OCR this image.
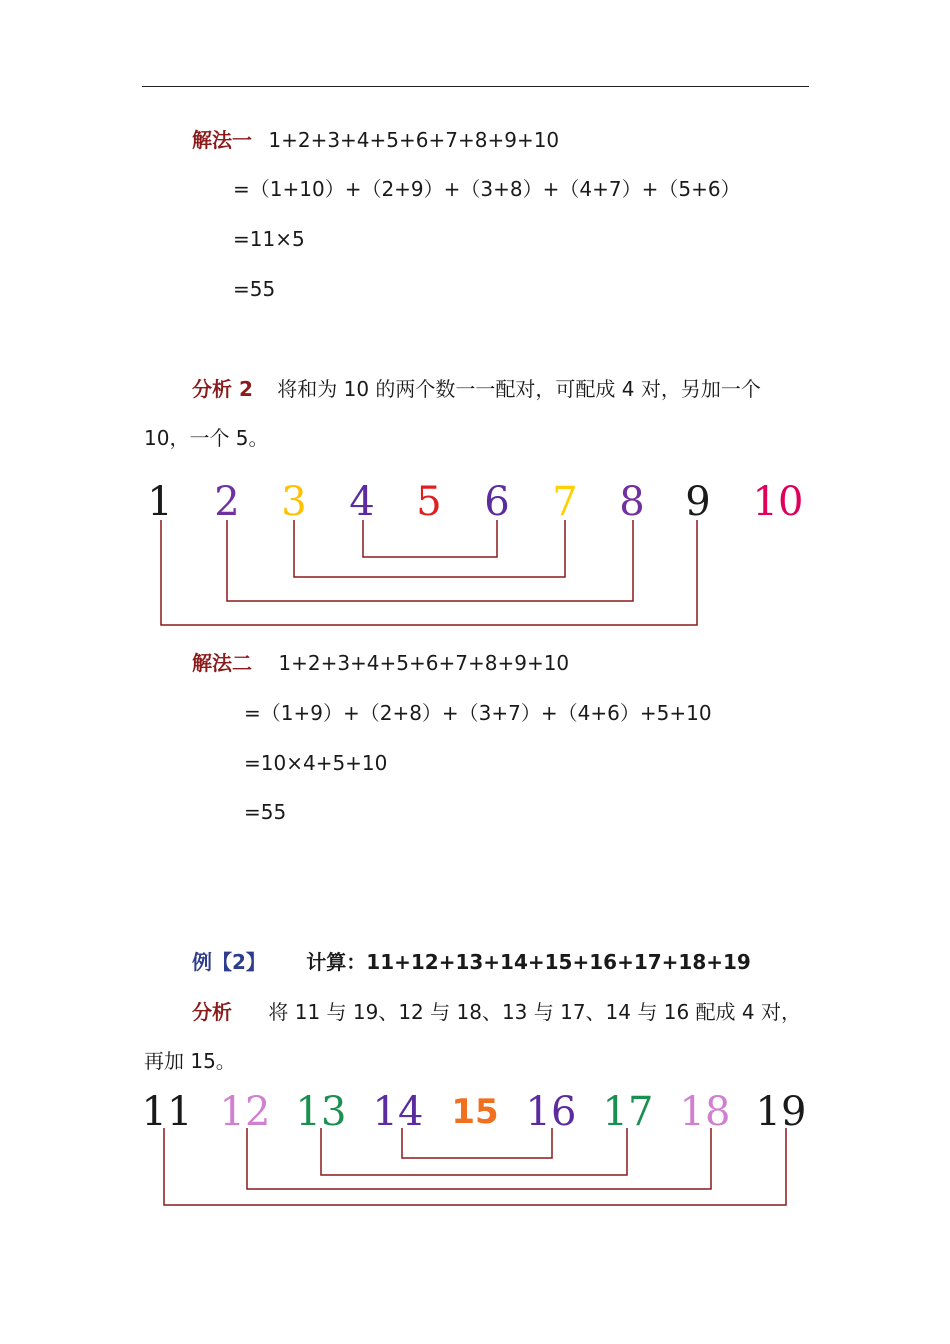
解法一 1+2+3+4+5+6+7+8+9+10
=（1+10）+（2+9）+（3+8）+（4+7）+（5+6）
=11×5
=55
分析 2 将和为 10 的两个数一一配对，可配成 4 对，另加一个
10，一个 5。
1 2 3 4 5 6 7 8 9 10
解法二 1+2+3+4+5+6+7+8+9+10
=（1+9）+（2+8）+（3+7）+（4+6）+5+10
=10×4+5+10
=55
例【2】 计算：11+12+13+14+15+16+17+18+19
分析 将 11 与 19、12 与 18、13 与 17、14 与 16 配成 4 对，
再加 15。
11 12 13 14 15 16 17 18 19
